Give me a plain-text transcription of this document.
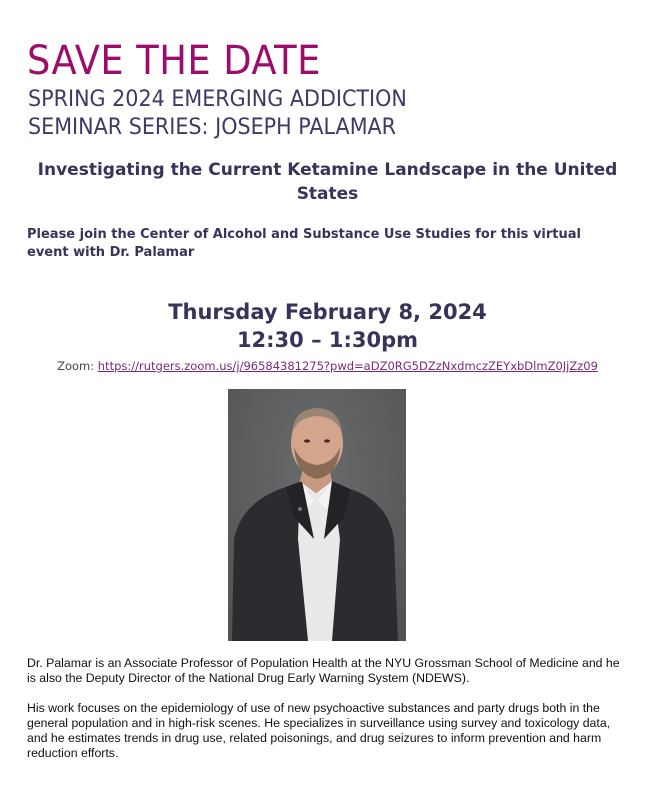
SAVE THE DATE
SPRING 2024 EMERGING ADDICTION
SEMINAR SERIES: JOSEPH PALAMAR
Investigating the Current Ketamine Landscape in the United States

Please join the Center of Alcohol and Substance Use Studies for this virtual event with Dr. Palamar

Thursday February 8, 2024
12:30 – 1:30pm
Zoom: https://rutgers.zoom.us/j/96584381275?pwd=aDZ0RG5DZzNxdmczZEYxbDlmZ0JjZz09

Dr. Palamar is an Associate Professor of Population Health at the NYU Grossman School of Medicine and he is also the Deputy Director of the National Drug Early Warning System (NDEWS).

His work focuses on the epidemiology of use of new psychoactive substances and party drugs both in the general population and in high-risk scenes. He specializes in surveillance using survey and toxicology data, and he estimates trends in drug use, related poisonings, and drug seizures to inform prevention and harm reduction efforts.
